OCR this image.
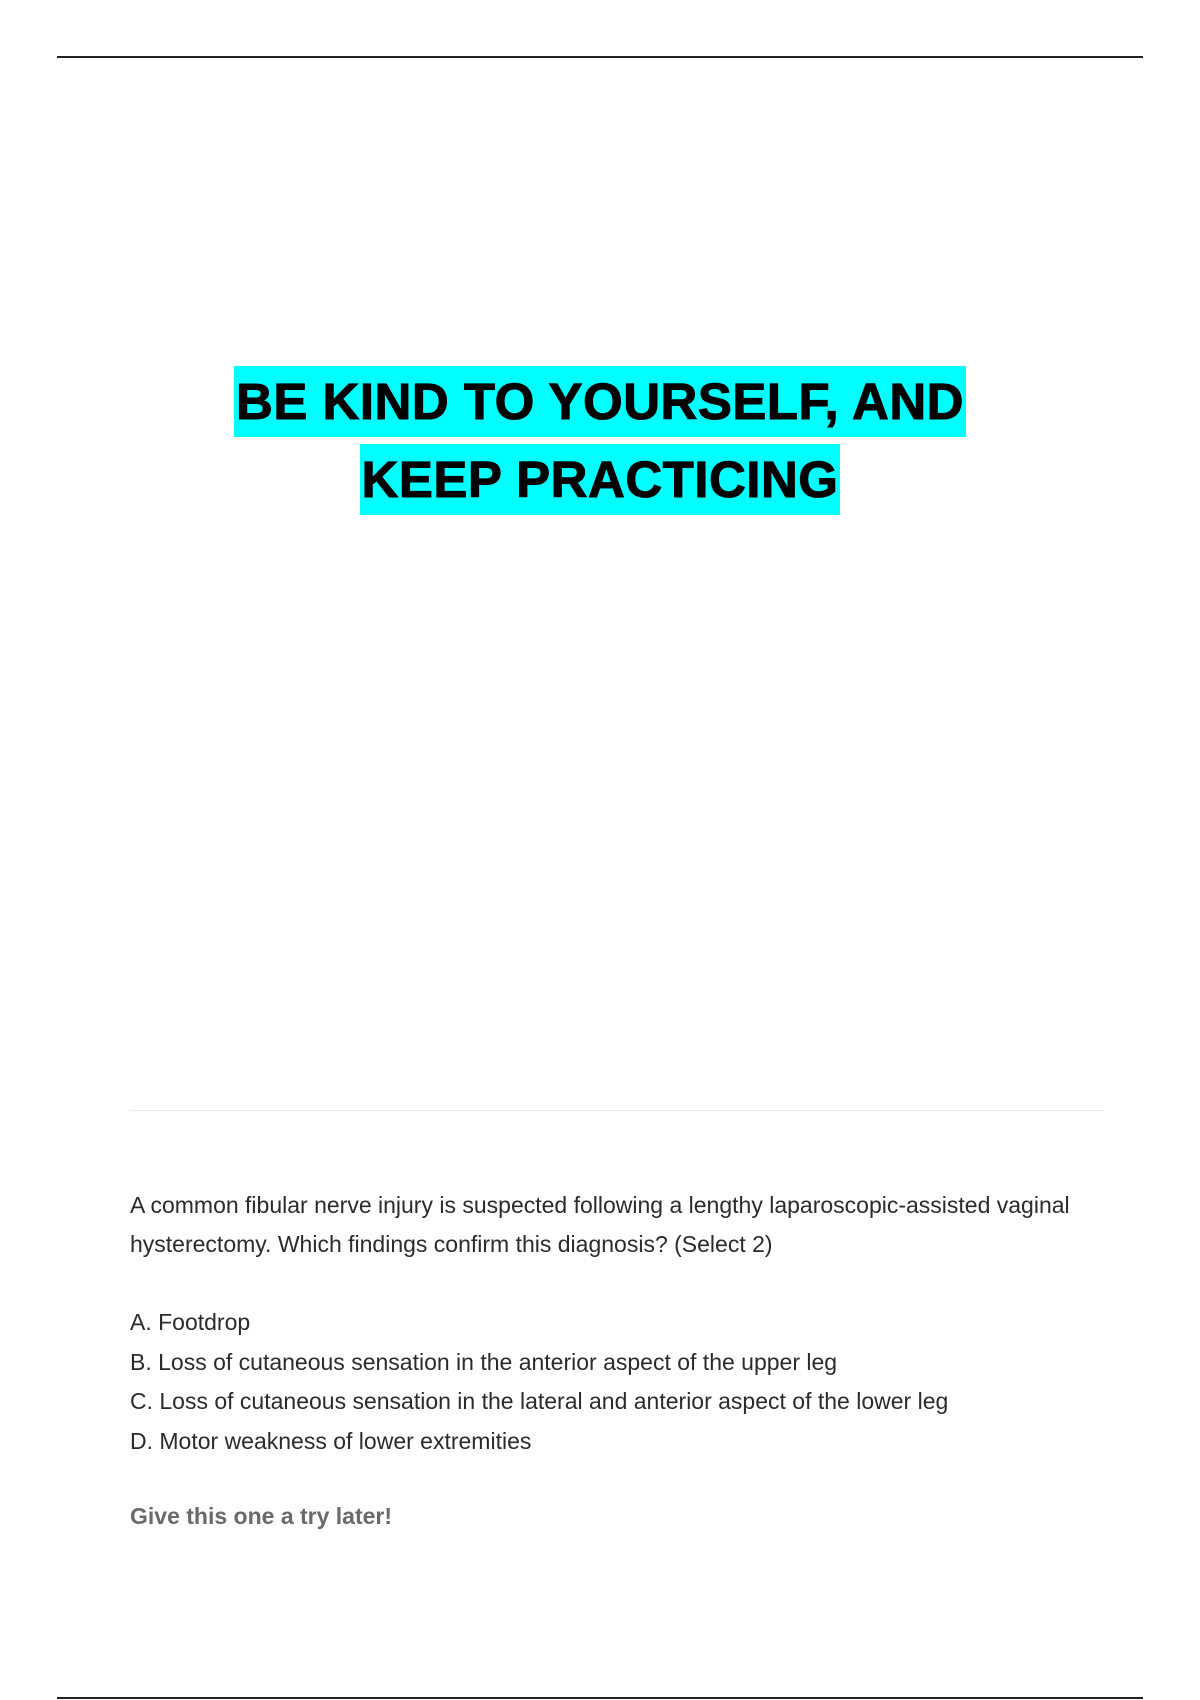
BE KIND TO YOURSELF, AND
KEEP PRACTICING

A common fibular nerve injury is suspected following a lengthy laparoscopic-assisted vaginal hysterectomy. Which findings confirm this diagnosis? (Select 2)

A. Footdrop
B. Loss of cutaneous sensation in the anterior aspect of the upper leg
C. Loss of cutaneous sensation in the lateral and anterior aspect of the lower leg
D. Motor weakness of lower extremities
Give this one a try later!
